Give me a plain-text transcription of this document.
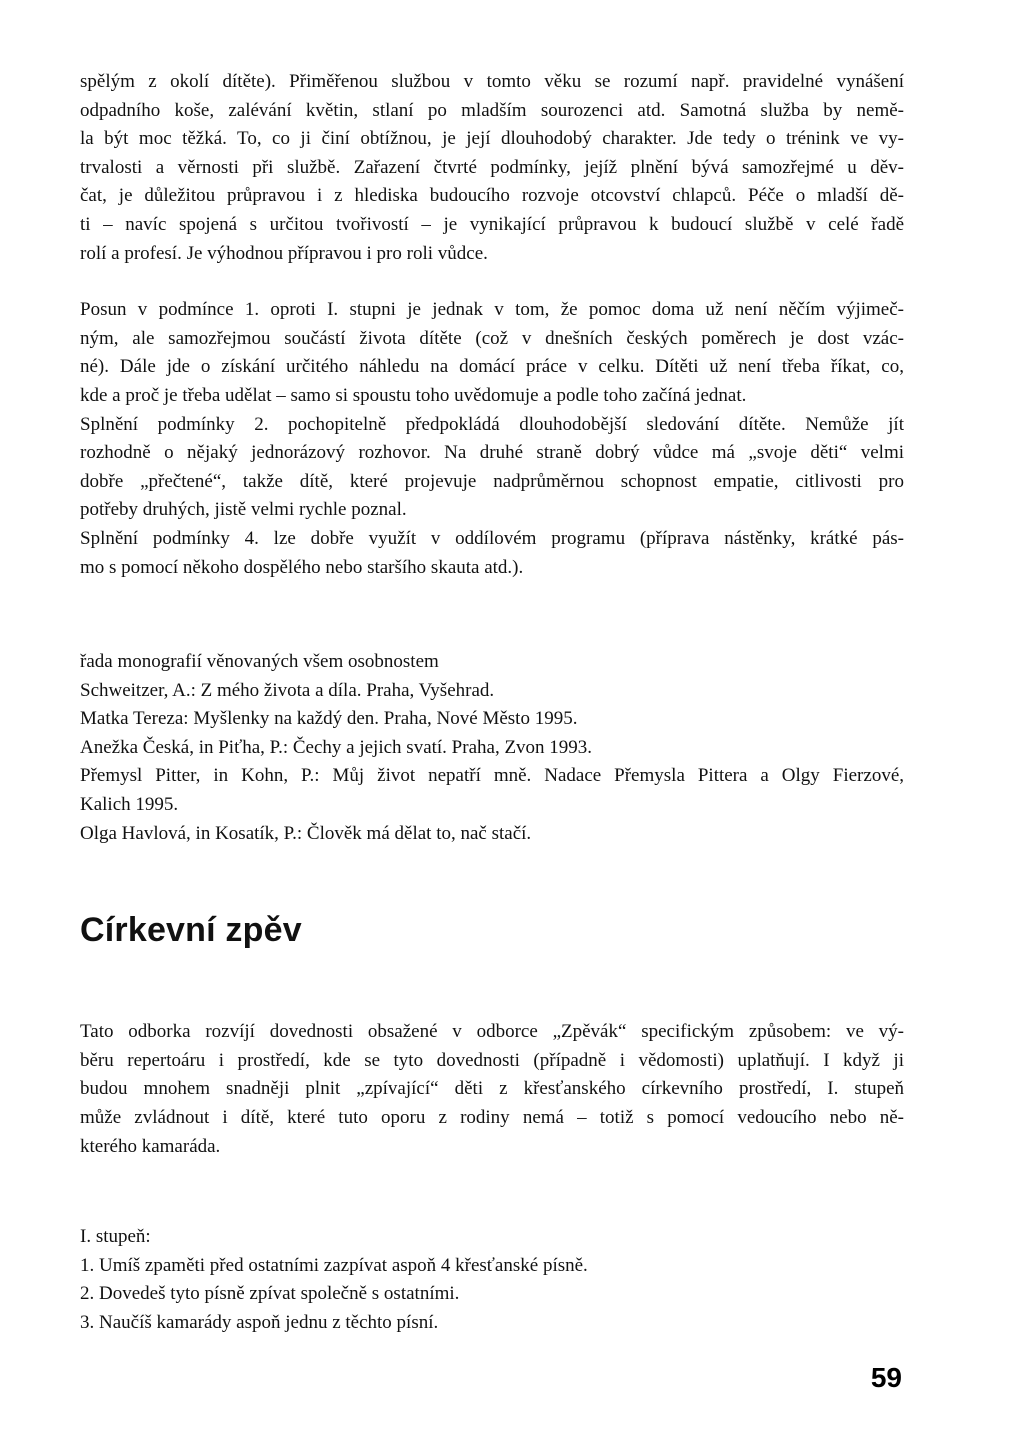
spělým z okolí dítěte). Přiměřenou službou v tomto věku se rozumí např. pravidelné vynášení
odpadního koše, zalévání květin, stlaní po mladším sourozenci atd. Samotná služba by nemě-
la být moc těžká. To, co ji činí obtížnou, je její dlouhodobý charakter. Jde tedy o trénink ve vy-
trvalosti a věrnosti při službě. Zařazení čtvrté podmínky, jejíž plnění bývá samozřejmé u děv-
čat, je důležitou průpravou i z hlediska budoucího rozvoje otcovství chlapců. Péče o mladší dě-
ti – navíc spojená s určitou tvořivostí – je vynikající průpravou k budoucí službě v celé řadě
rolí a profesí. Je výhodnou přípravou i pro roli vůdce.
Posun v podmínce 1. oproti I. stupni je jednak v tom, že pomoc doma už není něčím výjimeč-
ným, ale samozřejmou součástí života dítěte (což v dnešních českých poměrech je dost vzác-
né). Dále jde o získání určitého náhledu na domácí práce v celku. Dítěti už není třeba říkat, co,
kde a proč je třeba udělat – samo si spoustu toho uvědomuje a podle toho začíná jednat.
Splnění podmínky 2. pochopitelně předpokládá dlouhodobější sledování dítěte. Nemůže jít
rozhodně o nějaký jednorázový rozhovor. Na druhé straně dobrý vůdce má „svoje děti“ velmi
dobře „přečtené“, takže dítě, které projevuje nadprůměrnou schopnost empatie, citlivosti pro
potřeby druhých, jistě velmi rychle poznal.
Splnění podmínky 4. lze dobře využít v oddílovém programu (příprava nástěnky, krátké pás-
mo s pomocí někoho dospělého nebo staršího skauta atd.).
řada monografií věnovaných všem osobnostem
Schweitzer, A.: Z mého života a díla. Praha, Vyšehrad.
Matka Tereza: Myšlenky na každý den. Praha, Nové Město 1995.
Anežka Česká, in Piťha, P.: Čechy a jejich svatí. Praha, Zvon 1993.
Přemysl Pitter, in Kohn, P.: Můj život nepatří mně. Nadace Přemysla Pittera a Olgy Fierzové,
Kalich 1995.
Olga Havlová, in Kosatík, P.: Člověk má dělat to, nač stačí.
Církevní zpěv
Tato odborka rozvíjí dovednosti obsažené v odborce „Zpěvák“ specifickým způsobem: ve vý-
běru repertoáru i prostředí, kde se tyto dovednosti (případně i vědomosti) uplatňují. I když ji
budou mnohem snadněji plnit „zpívající“ děti z křesťanského církevního prostředí, I. stupeň
může zvládnout i dítě, které tuto oporu z rodiny nemá – totiž s pomocí vedoucího nebo ně-
kterého kamaráda.
I. stupeň:
1. Umíš zpaměti před ostatními zazpívat aspoň 4 křesťanské písně.
2. Dovedeš tyto písně zpívat společně s ostatními.
3. Naučíš kamarády aspoň jednu z těchto písní.
59
